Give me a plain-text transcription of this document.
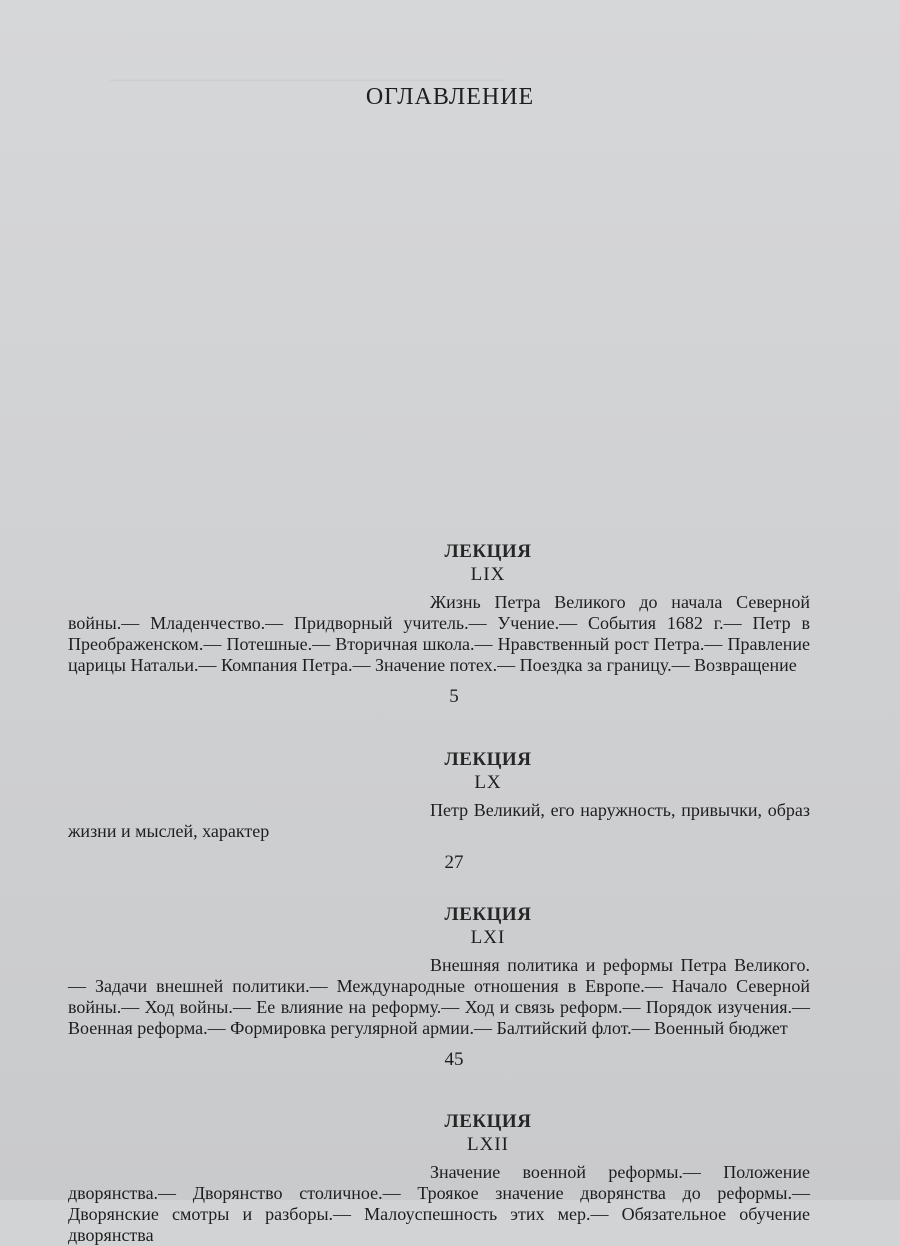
─────────────────────────────────────
ОГЛАВЛЕНИЕ
ЛЕКЦИЯ
LIX
Жизнь Петра Великого до начала Северной войны.— Младенчество.— Придворный учитель.— Учение.— События 1682 г.— Петр в Преображенском.— Потешные.— Вторичная школа.— Нравственный рост Петра.— Правление царицы Натальи.— Компания Петра.— Значение потех.— Поездка за границу.— Возвращение
5
ЛЕКЦИЯ
LX
Петр Великий, его наружность, привычки, образ жизни и мыслей, характер
27
ЛЕКЦИЯ
LXI
Внешняя политика и реформы Петра Великого.— Задачи внешней политики.— Международные отношения в Европе.— Начало Северной войны.— Ход войны.— Ее влияние на реформу.— Ход и связь реформ.— Порядок изучения.— Военная реформа.— Формировка регулярной армии.— Балтийский флот.— Военный бюджет
45
ЛЕКЦИЯ
LXII
Значение военной реформы.— Положение дворянства.— Дворянство столичное.— Троякое значение дворянства до реформы.— Дворянские смотры и разборы.— Малоуспешность этих мер.— Обязательное обучение дворянства
